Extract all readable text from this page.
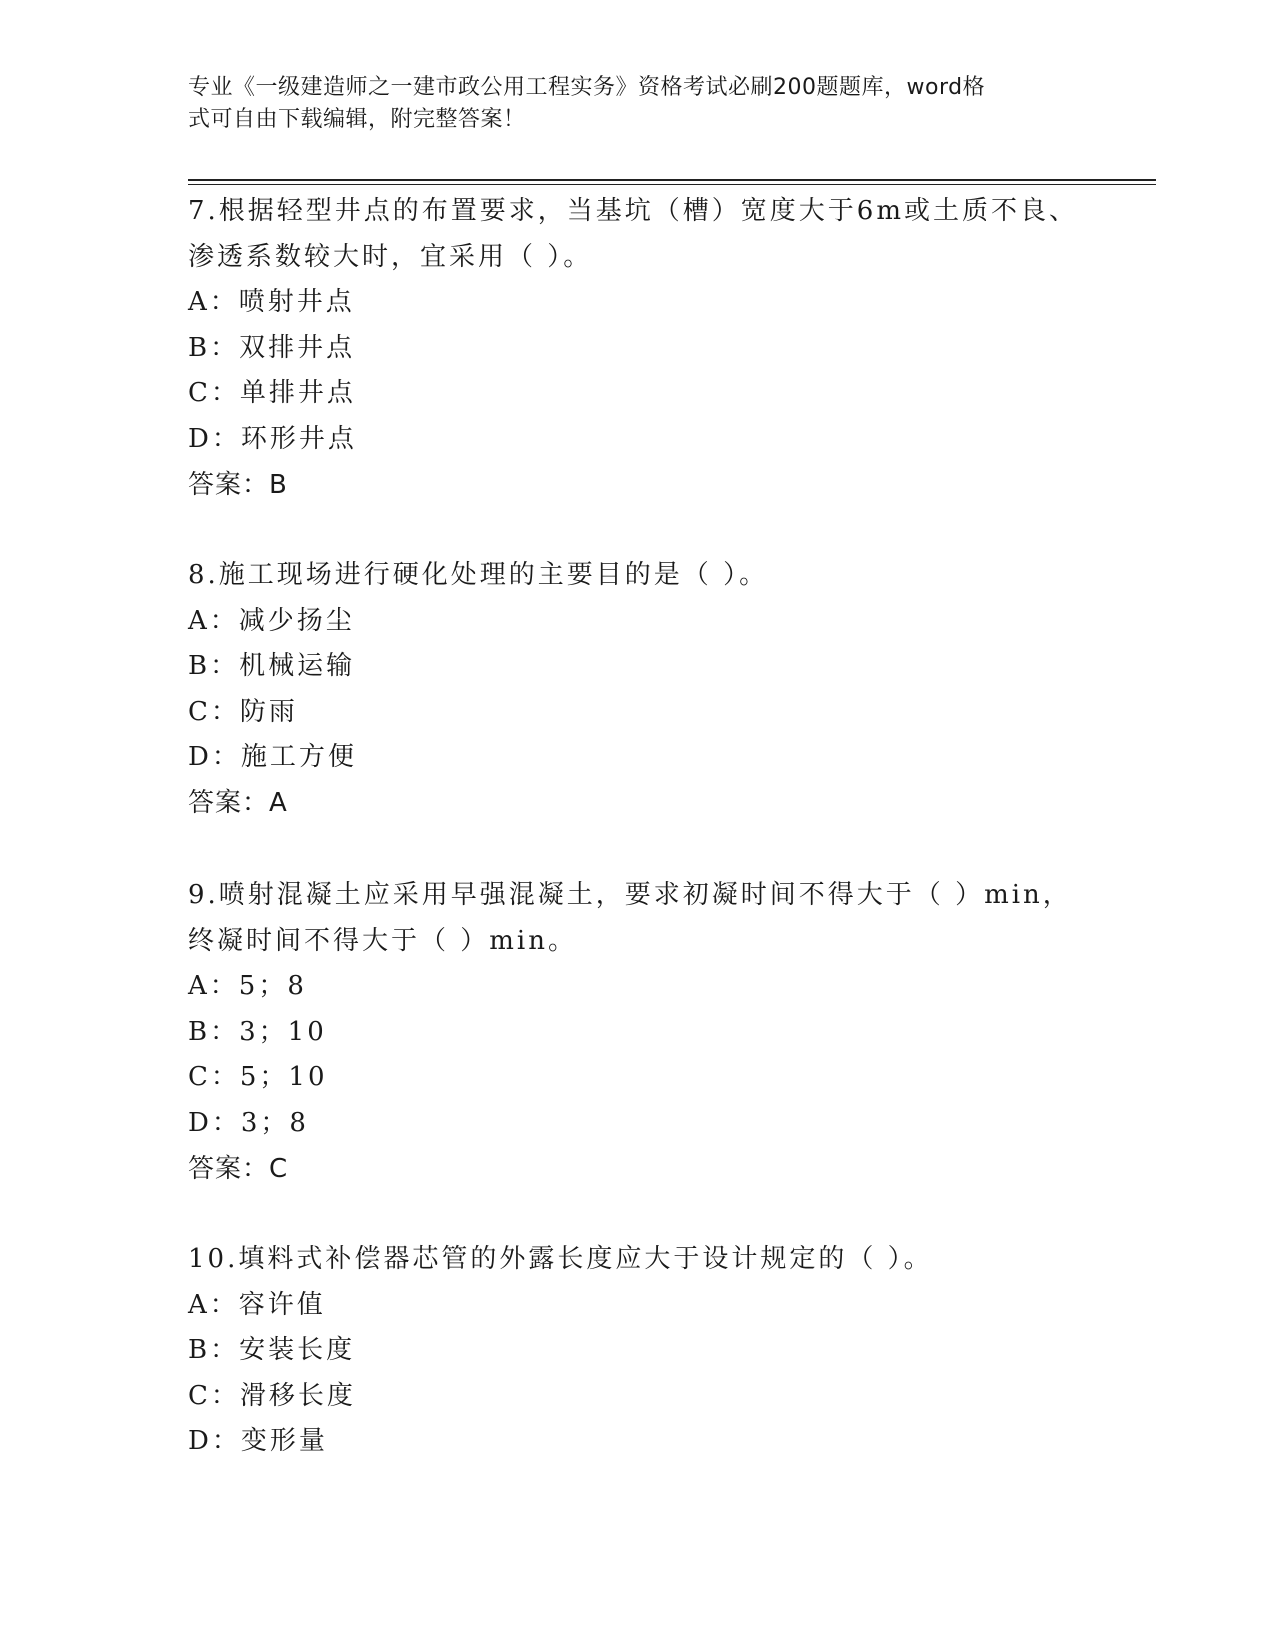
专业《一级建造师之一建市政公用工程实务》资格考试必刷200题题库，word格
式可自由下载编辑，附完整答案！
7.根据轻型井点的布置要求，当基坑（槽）宽度大于6m或土质不良、
渗透系数较大时，宜采用（ ）。
A：喷射井点
B：双排井点
C：单排井点
D：环形井点
答案：B
8.施工现场进行硬化处理的主要目的是（ ）。
A：减少扬尘
B：机械运输
C：防雨
D：施工方便
答案：A
9.喷射混凝土应采用早强混凝土，要求初凝时间不得大于（ ）min，
终凝时间不得大于（ ）min。
A：5；8
B：3；10
C：5；10
D：3；8
答案：C
10.填料式补偿器芯管的外露长度应大于设计规定的（ ）。
A：容许值
B：安装长度
C：滑移长度
D：变形量
